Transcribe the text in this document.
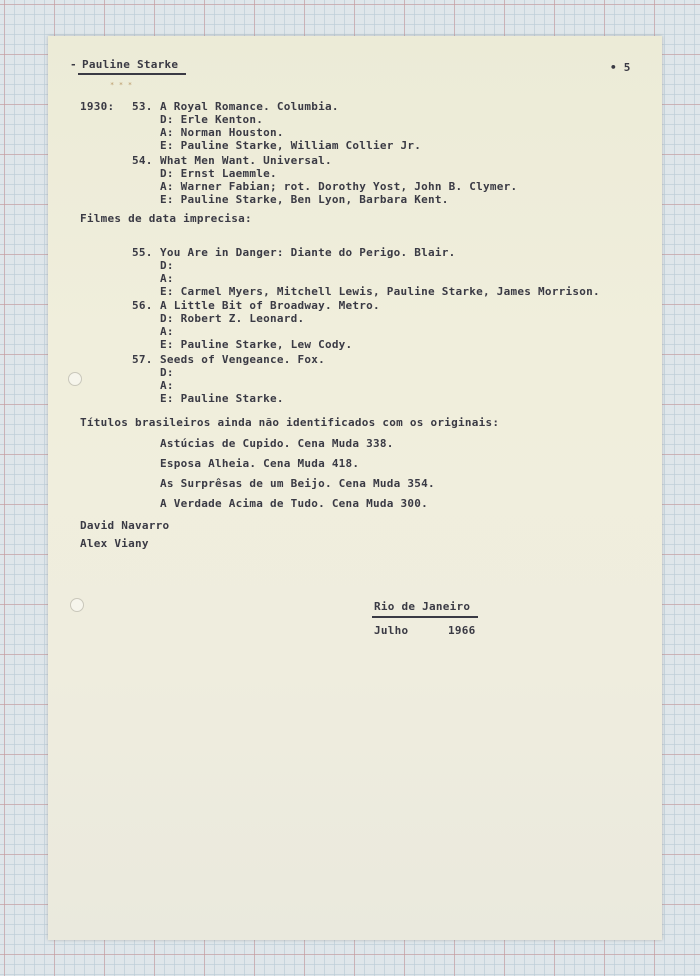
- Pauline Starke	• 5
* * *
1930: 53. A Royal Romance. Columbia.
D: Erle Kenton.
A: Norman Houston.
E: Pauline Starke, William Collier Jr.
54. What Men Want. Universal.
D: Ernst Laemmle.
A: Warner Fabian; rot. Dorothy Yost, John B. Clymer.
E: Pauline Starke, Ben Lyon, Barbara Kent.
Filmes de data imprecisa:
55. You Are in Danger: Diante do Perigo. Blair.
D:
A:
E: Carmel Myers, Mitchell Lewis, Pauline Starke, James Morrison.
56. A Little Bit of Broadway. Metro.
D: Robert Z. Leonard.
A:
E: Pauline Starke, Lew Cody.
57. Seeds of Vengeance. Fox.
D:
A:
E: Pauline Starke.
Títulos brasileiros ainda não identificados com os originais:
Astúcias de Cupido. Cena Muda 338.
Esposa Alheia. Cena Muda 418.
As Surprêsas de um Beijo. Cena Muda 354.
A Verdade Acima de Tudo. Cena Muda 300.
David Navarro
Alex Viany
Rio de Janeiro
Julho	1966
